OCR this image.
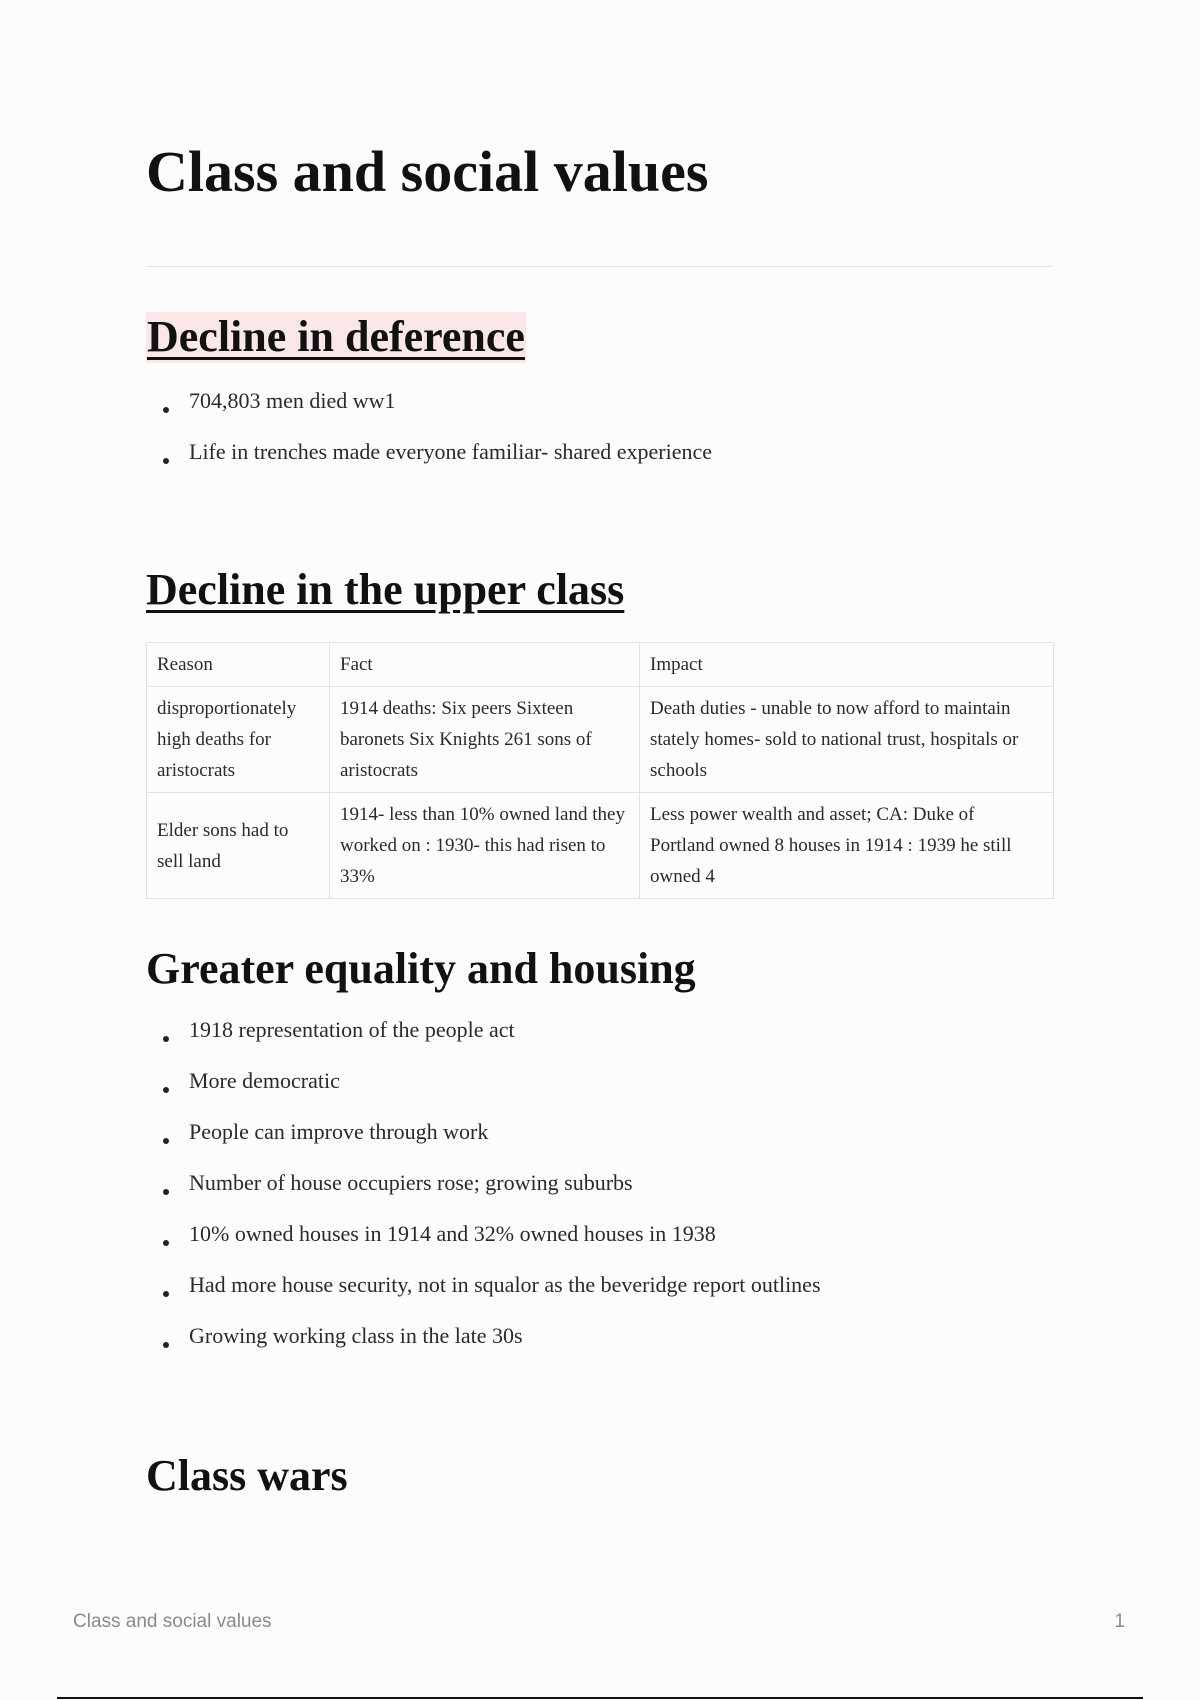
Class and social values
Decline in deference
704,803 men died ww1
Life in trenches made everyone familiar- shared experience
Decline in the upper class
Reason	Fact	Impact
disproportionately high deaths for aristocrats	1914 deaths: Six peers Sixteen baronets Six Knights 261 sons of aristocrats	Death duties - unable to now afford to maintain stately homes- sold to national trust, hospitals or schools
Elder sons had to sell land	1914- less than 10% owned land they worked on : 1930- this had risen to 33%	Less power wealth and asset; CA: Duke of Portland owned 8 houses in 1914 : 1939 he still owned 4
Greater equality and housing
1918 representation of the people act
More democratic
People can improve through work
Number of house occupiers rose; growing suburbs
10% owned houses in 1914 and 32% owned houses in 1938
Had more house security, not in squalor as the beveridge report outlines
Growing working class in the late 30s
Class wars
Class and social values	1
